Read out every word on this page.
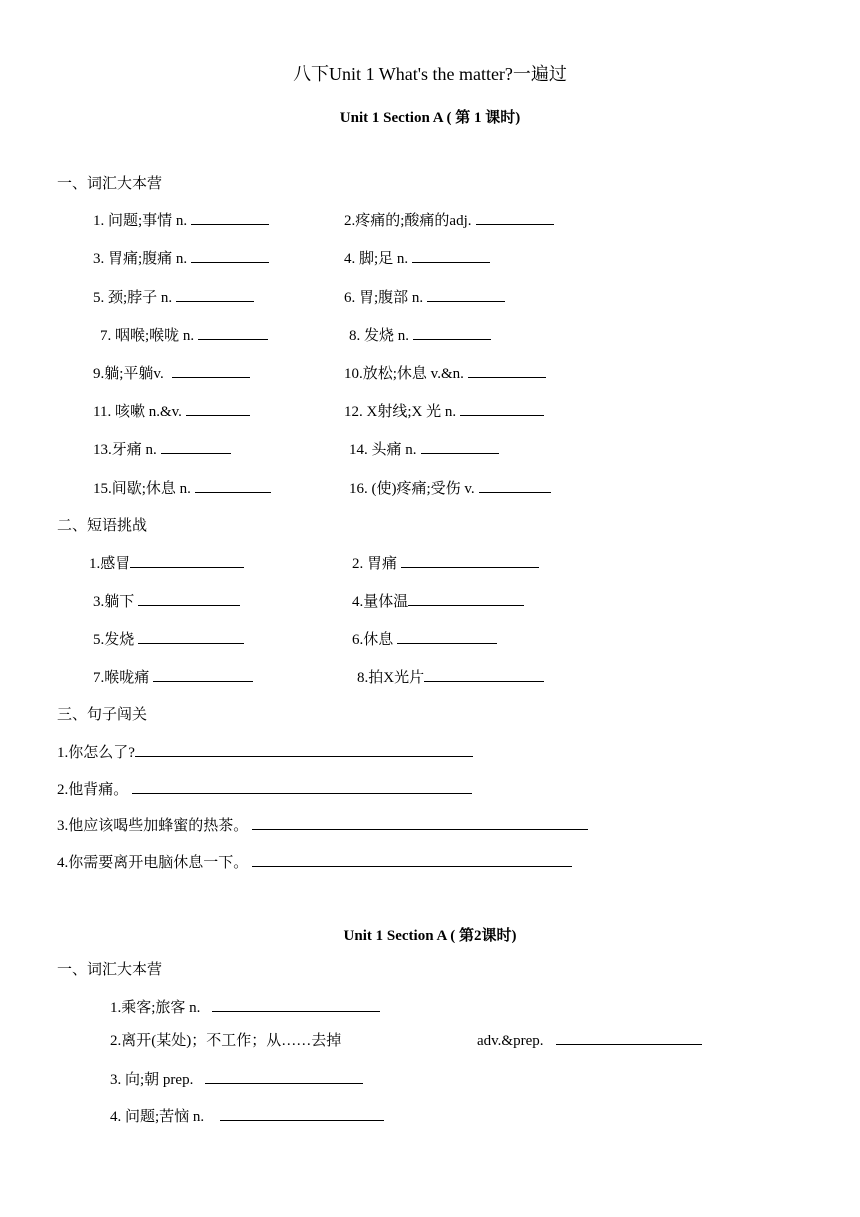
八下Unit 1 What's the matter?一遍过
Unit 1 Section A ( 第 1 课时)
一、词汇大本营
1. 问题;事情 n.	2.疼痛的;酸痛的adj.
3. 胃痛;腹痛 n.	4. 脚;足 n.
5. 颈;脖子 n.	6. 胃;腹部 n.
7. 咽喉;喉咙 n.	8. 发烧 n.
9.躺;平躺v.	10.放松;休息 v.&n.
11. 咳嗽 n.&v.	12. X射线;X 光 n.
13.牙痛 n.	14. 头痛 n.
15.间歇;休息 n.	16. (使)疼痛;受伤 v.
二、短语挑战
1.感冒	2. 胃痛
3.躺下	4.量体温
5.发烧	6.休息
7.喉咙痛	8.拍X光片
三、句子闯关
1.你怎么了?
2.他背痛。
3.他应该喝些加蜂蜜的热茶。
4.你需要离开电脑休息一下。
Unit 1 Section A ( 第2课时)
一、词汇大本营
1.乘客;旅客 n.
2.离开(某处)；不工作；从……去掉	adv.&prep.
3. 向;朝 prep.
4. 问题;苦恼 n.
